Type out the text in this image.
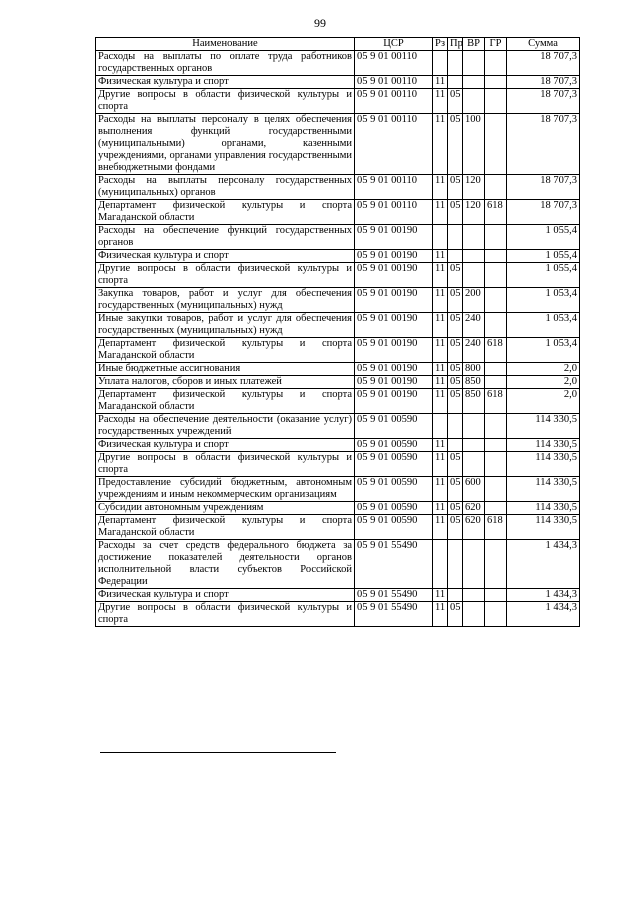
99
Наименование	ЦСР	Рз	Пр	ВР	ГР	Сумма
Расходы на выплаты по оплате труда работников государственных органов	05 9 01 00110					18 707,3
Физическая культура и спорт	05 9 01 00110	11				18 707,3
Другие вопросы в области физической культуры и спорта	05 9 01 00110	11	05			18 707,3
Расходы на выплаты персоналу в целях обеспечения выполнения функций государственными (муниципальными) органами, казенными учреждениями, органами управления государственными внебюджетными фондами	05 9 01 00110	11	05	100		18 707,3
Расходы на выплаты персоналу государственных (муниципальных) органов	05 9 01 00110	11	05	120		18 707,3
Департамент физической культуры и спорта Магаданской области	05 9 01 00110	11	05	120	618	18 707,3
Расходы на обеспечение функций государственных органов	05 9 01 00190					1 055,4
Физическая культура и спорт	05 9 01 00190	11				1 055,4
Другие вопросы в области физической культуры и спорта	05 9 01 00190	11	05			1 055,4
Закупка товаров, работ и услуг для обеспечения государственных (муниципальных) нужд	05 9 01 00190	11	05	200		1 053,4
Иные закупки товаров, работ и услуг для обеспечения государственных (муниципальных) нужд	05 9 01 00190	11	05	240		1 053,4
Департамент физической культуры и спорта Магаданской области	05 9 01 00190	11	05	240	618	1 053,4
Иные бюджетные ассигнования	05 9 01 00190	11	05	800		2,0
Уплата налогов, сборов и иных платежей	05 9 01 00190	11	05	850		2,0
Департамент физической культуры и спорта Магаданской области	05 9 01 00190	11	05	850	618	2,0
Расходы на обеспечение деятельности (оказание услуг) государственных учреждений	05 9 01 00590					114 330,5
Физическая культура и спорт	05 9 01 00590	11				114 330,5
Другие вопросы в области физической культуры и спорта	05 9 01 00590	11	05			114 330,5
Предоставление субсидий бюджетным, автономным учреждениям и иным некоммерческим организациям	05 9 01 00590	11	05	600		114 330,5
Субсидии автономным учреждениям	05 9 01 00590	11	05	620		114 330,5
Департамент физической культуры и спорта Магаданской области	05 9 01 00590	11	05	620	618	114 330,5
Расходы за счет средств федерального бюджета за достижение показателей деятельности органов исполнительной власти субъектов Российской Федерации	05 9 01 55490					1 434,3
Физическая культура и спорт	05 9 01 55490	11				1 434,3
Другие вопросы в области физической культуры и спорта	05 9 01 55490	11	05			1 434,3
